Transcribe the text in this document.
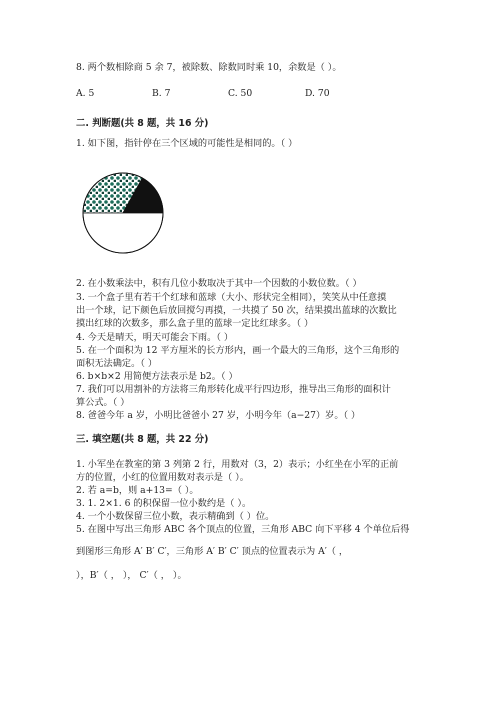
8. 两个数相除商 5 余 7，被除数、除数同时乘 10，余数是（ ）。
A. 5	B. 7	C. 50	D. 70
二. 判断题(共 8 题，共 16 分)
1. 如下图，指针停在三个区域的可能性是相同的。（ ）
2. 在小数乘法中，积有几位小数取决于其中一个因数的小数位数。（ ）
3. 一个盒子里有若干个红球和蓝球（大小、形状完全相同），笑笑从中任意摸
出一个球，记下颜色后放回搅匀再摸，一共摸了 50 次，结果摸出蓝球的次数比
摸出红球的次数多，那么盒子里的蓝球一定比红球多。（ ）
4. 今天是晴天，明天可能会下雨。（ ）
5. 在一个面积为 12 平方厘米的长方形内，画一个最大的三角形，这个三角形的
面积无法确定。（ ）
6. b×b×2 用简便方法表示是 b2。（ ）
7. 我们可以用割补的方法将三角形转化成平行四边形，推导出三角形的面积计
算公式。（ ）
8. 爸爸今年 a 岁，小明比爸爸小 27 岁，小明今年（a−27）岁。（ ）
三. 填空题(共 8 题，共 22 分)
1. 小军坐在教室的第 3 列第 2 行，用数对（3，2）表示；小红坐在小军的正前
方的位置，小红的位置用数对表示是（ ）。
2. 若 a=b，则 a+13=（ ）。
3. 1. 2×1. 6 的积保留一位小数约是（ ）。
4. 一个小数保留三位小数，表示精确到（ ）位。
5. 在图中写出三角形 ABC 各个顶点的位置，三角形 ABC 向下平移 4 个单位后得
到图形三角形 A′ B′ C′，三角形 A′ B′ C′ 顶点的位置表示为 A′（ ，
），B′（ ， ）， C′（ ， ）。
